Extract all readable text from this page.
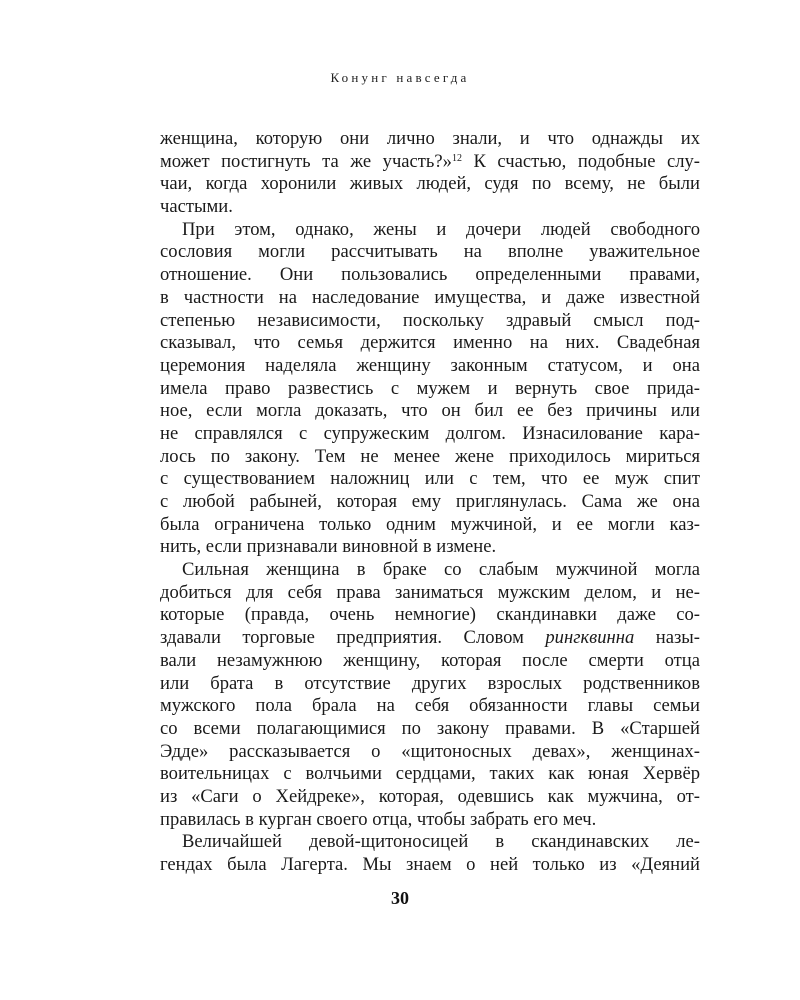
Конунг навсегда
женщина, которую они лично знали, и что однажды их
может постигнуть та же участь?»$^{12}$ К счастью, подобные слу-
чаи, когда хоронили живых людей, судя по всему, не были
частыми.
При этом, однако, жены и дочери людей свободного
сословия могли рассчитывать на вполне уважительное
отношение. Они пользовались определенными правами,
в частности на наследование имущества, и даже известной
степенью независимости, поскольку здравый смысл под-
сказывал, что семья держится именно на них. Свадебная
церемония наделяла женщину законным статусом, и она
имела право развестись с мужем и вернуть свое прида-
ное, если могла доказать, что он бил ее без причины или
не справлялся с супружеским долгом. Изнасилование кара-
лось по закону. Тем не менее жене приходилось мириться
с существованием наложниц или с тем, что ее муж спит
с любой рабыней, которая ему приглянулась. Сама же она
была ограничена только одним мужчиной, и ее могли каз-
нить, если признавали виновной в измене.
Сильная женщина в браке со слабым мужчиной могла
добиться для себя права заниматься мужским делом, и не-
которые (правда, очень немногие) скандинавки даже со-
здавали торговые предприятия. Словом рингквинна назы-
вали незамужнюю женщину, которая после смерти отца
или брата в отсутствие других взрослых родственников
мужского пола брала на себя обязанности главы семьи
со всеми полагающимися по закону правами. В «Старшей
Эдде» рассказывается о «щитоносных девах», женщинах-
воительницах с волчьими сердцами, таких как юная Хервёр
из «Саги о Хейдреке», которая, одевшись как мужчина, от-
правилась в курган своего отца, чтобы забрать его меч.
Величайшей девой-щитоносицей в скандинавских ле-
гендах была Лагерта. Мы знаем о ней только из «Деяний
30
